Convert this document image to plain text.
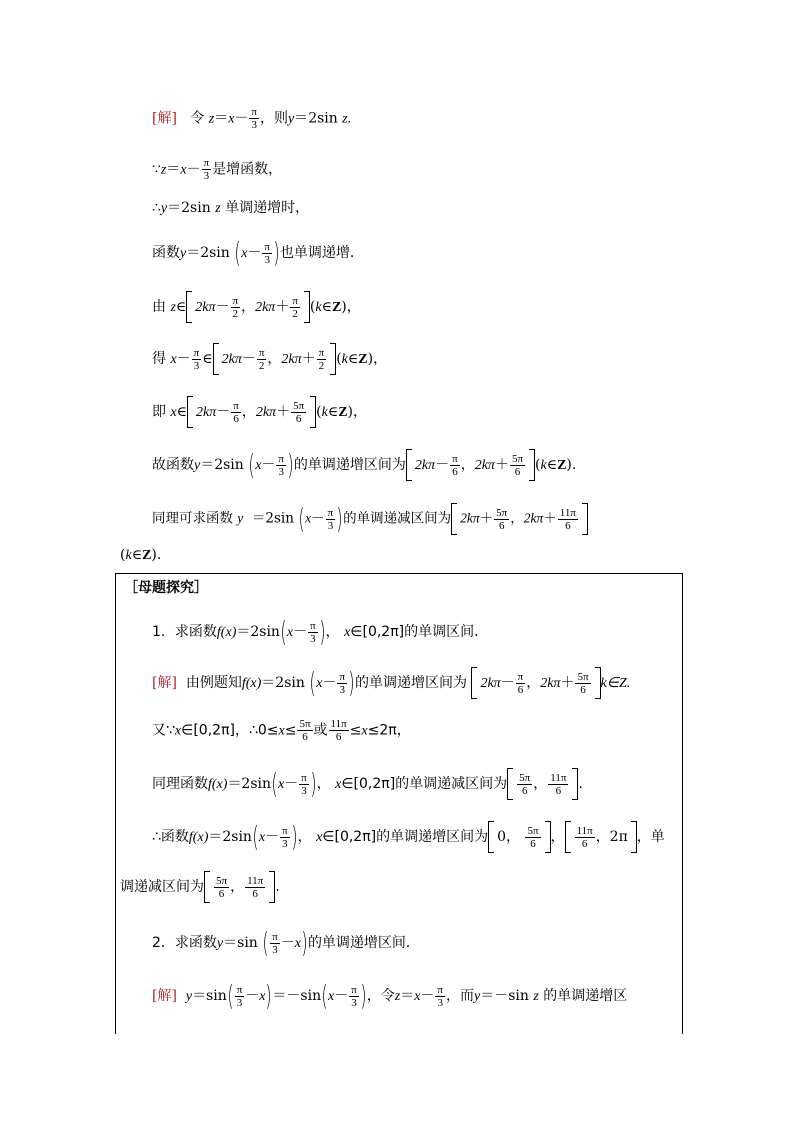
[解] 令 $z=x- \frac{\pi}{3}$ ，则y＝2sin z.
∵z＝x－ $\frac{\pi}{3}$ 是增函数，
∴y＝2sin z 单调递增时，
函数y＝2sin ($x- \frac{\pi}{3}$ )也单调递增．
由 z∈ $2k\pi- \frac{\pi}{2}$ ，$2k\pi+ \frac{\pi}{2}$ (k∈Z)，
得 $x- \frac{\pi}{3}$ ∈ $2k\pi- \frac{\pi}{2}$ ，$2k\pi+ \frac{\pi}{2}$ (k∈Z)，
即 x∈ $2k\pi- \frac{\pi}{6}$ ，$2k\pi+ \frac{5\pi}{6}$ (k∈Z)，
故函数y＝2sin ($x- \frac{\pi}{3}$ )的单调递增区间为 $2k\pi- \frac{\pi}{6}$ ，$2k\pi+ \frac{5\pi}{6}$ (k∈Z).
同理可求函数 y ＝2sin ($x- \frac{\pi}{3}$ )的单调递减区间为 $2k\pi+ \frac{5\pi}{6}$ ，$2k\pi+ \frac{11\pi}{6}$
(k∈Z).
［母题探究］
1．求函数$f(x)=2\sin(x- \frac{\pi}{3}$ )， x∈[0,2π]的单调区间．
[解] 由例题知f(x)＝2sin ($x- \frac{\pi}{3}$ )的单调递增区间为 $2k\pi- \frac{\pi}{6}$ ，$2k\pi+ \frac{5\pi}{6}$ k∈Z.
又∵x∈[0,2π]，∴0≤x≤ $\frac{5\pi}{6}$ 或 $\frac{11\pi}{6} \le x\le 2\pi$，
同理函数$f(x)=2\sin(x- \frac{\pi}{3}$ )， x∈[0,2π]的单调递减区间为 $\frac{5\pi}{6}$ ， $\frac{11\pi}{6}$ .
∴函数$f(x)=2\sin(x- \frac{\pi}{3}$ )， x∈[0,2π]的单调递增区间为 0， $\frac{5\pi}{6}$ ， $\frac{11\pi}{6}$ ，2π ，单
调递减区间为 $\frac{5\pi}{6}$ ， $\frac{11\pi}{6}$ .
2．求函数y＝sin ( $\frac{\pi}{3} -x$)的单调递增区间．
[解] $y=\sin( \frac{\pi}{3} -x)=-\sin(x- \frac{\pi}{3}$ )，令$z=x- \frac{\pi}{3}$ ，而y＝－sin z 的单调递增区
